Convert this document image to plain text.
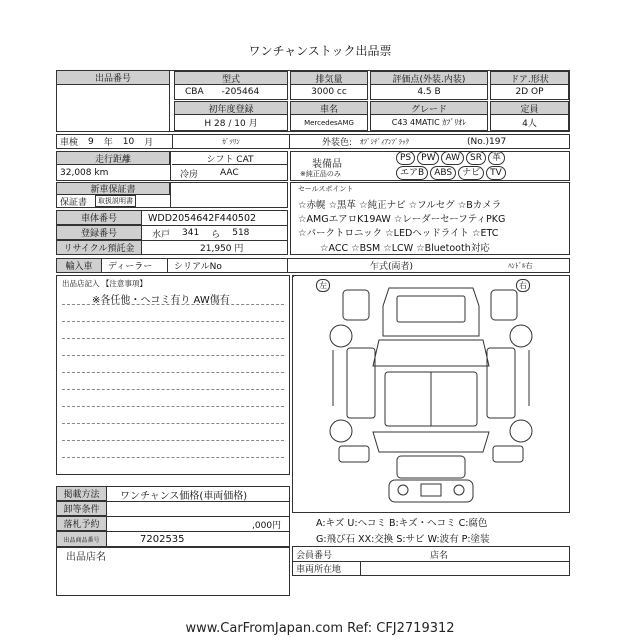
ワンチャンストック出品票
出品番号	型式
CBA -205464
初年度登録
H 28 / 10 月
排気量
3000 cc
車名
MercedesAMG
評価点(外装.内装)
4.5 B
グレード
C43 4MATIC ｶﾌﾞﾘｵﾚ
ドア.形状
2D OP
定員
4人
車検 9 年 10 月	ｶﾞｿﾘﾝ	外装色: ｵﾌﾞｼﾃﾞｨｱﾝﾌﾞﾗｯｸ	(No.)197
走行距離
32,008 km
シフト CAT
冷房 AAC
装備品
PS PW AW SR 革
※純正品のみ	エアB ABS ナビ TV
新車保証書
保証書	取扱説明書
セールスポイント
☆赤幌 ☆黒革 ☆純正ナビ ☆フルセグ ☆Bカメラ
☆AMGエアロK19AW ☆レーダーセーフティPKG
☆パークトロニック ☆LEDヘッドライト ☆ETC
☆ACC ☆BSM ☆LCW ☆Bluetooth対応
車体番号	WDD2054642F440502
登録番号	水戸 341 ら 518
リサイクル預託金	21,950 円
輸入車	ディーラー	シリアルNo	乍式(両者)	ﾊﾝﾄﾞﾙ右
出品店記入 【注意事項】
※各任他・ヘコミ有り AW傷有
左	右
掲載方法	ワンチャンス価格(車両価格)
卸等条件
落札予約	,000円
出品商品番号	7202535
A:キズ U:ヘコミ B:キズ・ヘコミ C:腐色
G:飛び石 XX:交換 S:サビ W:波有 P:塗装
出品店名	会員番号	店名
車両所在地
www.CarFromJapan.com Ref: CFJ2719312
